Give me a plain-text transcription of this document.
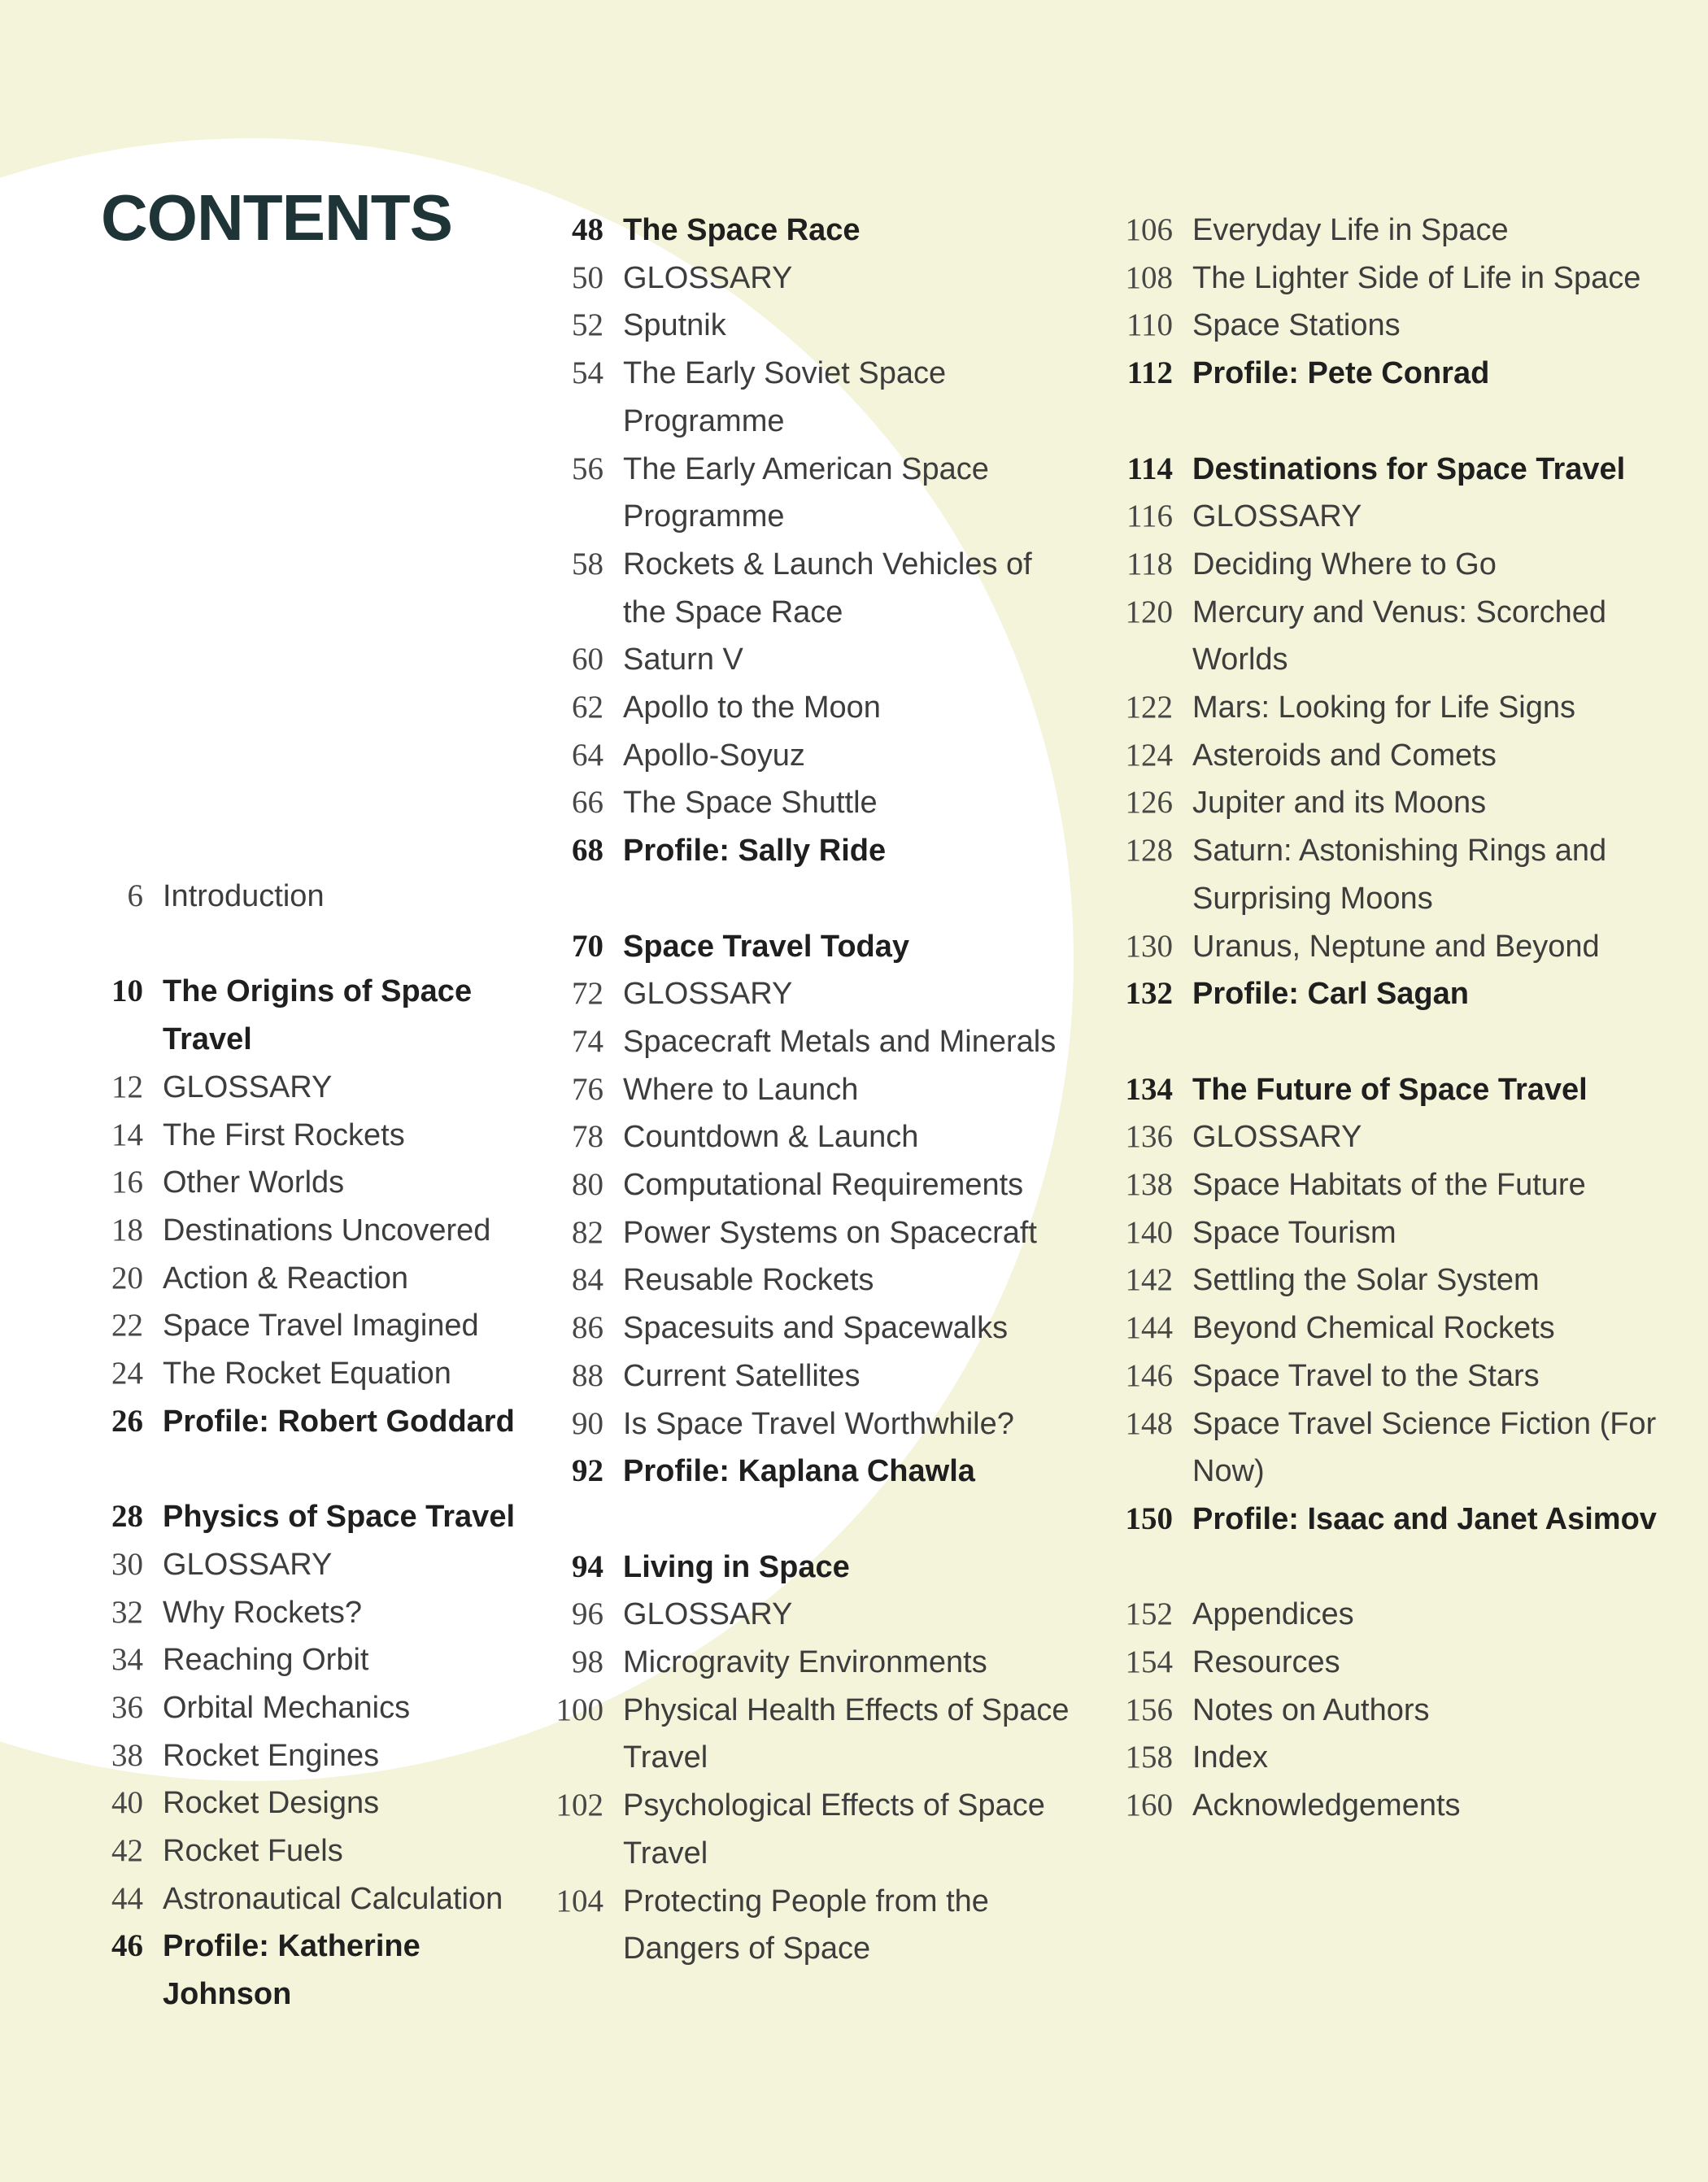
CONTENTS
6 Introduction
10 The Origins of Space Travel
12 GLOSSARY
14 The First Rockets
16 Other Worlds
18 Destinations Uncovered
20 Action & Reaction
22 Space Travel Imagined
24 The Rocket Equation
26 Profile: Robert Goddard
28 Physics of Space Travel
30 GLOSSARY
32 Why Rockets?
34 Reaching Orbit
36 Orbital Mechanics
38 Rocket Engines
40 Rocket Designs
42 Rocket Fuels
44 Astronautical Calculation
46 Profile: Katherine Johnson
48 The Space Race
50 GLOSSARY
52 Sputnik
54 The Early Soviet Space Programme
56 The Early American Space Programme
58 Rockets & Launch Vehicles of the Space Race
60 Saturn V
62 Apollo to the Moon
64 Apollo-Soyuz
66 The Space Shuttle
68 Profile: Sally Ride
70 Space Travel Today
72 GLOSSARY
74 Spacecraft Metals and Minerals
76 Where to Launch
78 Countdown & Launch
80 Computational Requirements
82 Power Systems on Spacecraft
84 Reusable Rockets
86 Spacesuits and Spacewalks
88 Current Satellites
90 Is Space Travel Worthwhile?
92 Profile: Kaplana Chawla
94 Living in Space
96 GLOSSARY
98 Microgravity Environments
100 Physical Health Effects of Space Travel
102 Psychological Effects of Space Travel
104 Protecting People from the Dangers of Space
106 Everyday Life in Space
108 The Lighter Side of Life in Space
110 Space Stations
112 Profile: Pete Conrad
114 Destinations for Space Travel
116 GLOSSARY
118 Deciding Where to Go
120 Mercury and Venus: Scorched Worlds
122 Mars: Looking for Life Signs
124 Asteroids and Comets
126 Jupiter and its Moons
128 Saturn: Astonishing Rings and Surprising Moons
130 Uranus, Neptune and Beyond
132 Profile: Carl Sagan
134 The Future of Space Travel
136 GLOSSARY
138 Space Habitats of the Future
140 Space Tourism
142 Settling the Solar System
144 Beyond Chemical Rockets
146 Space Travel to the Stars
148 Space Travel Science Fiction (For Now)
150 Profile: Isaac and Janet Asimov
152 Appendices
154 Resources
156 Notes on Authors
158 Index
160 Acknowledgements
